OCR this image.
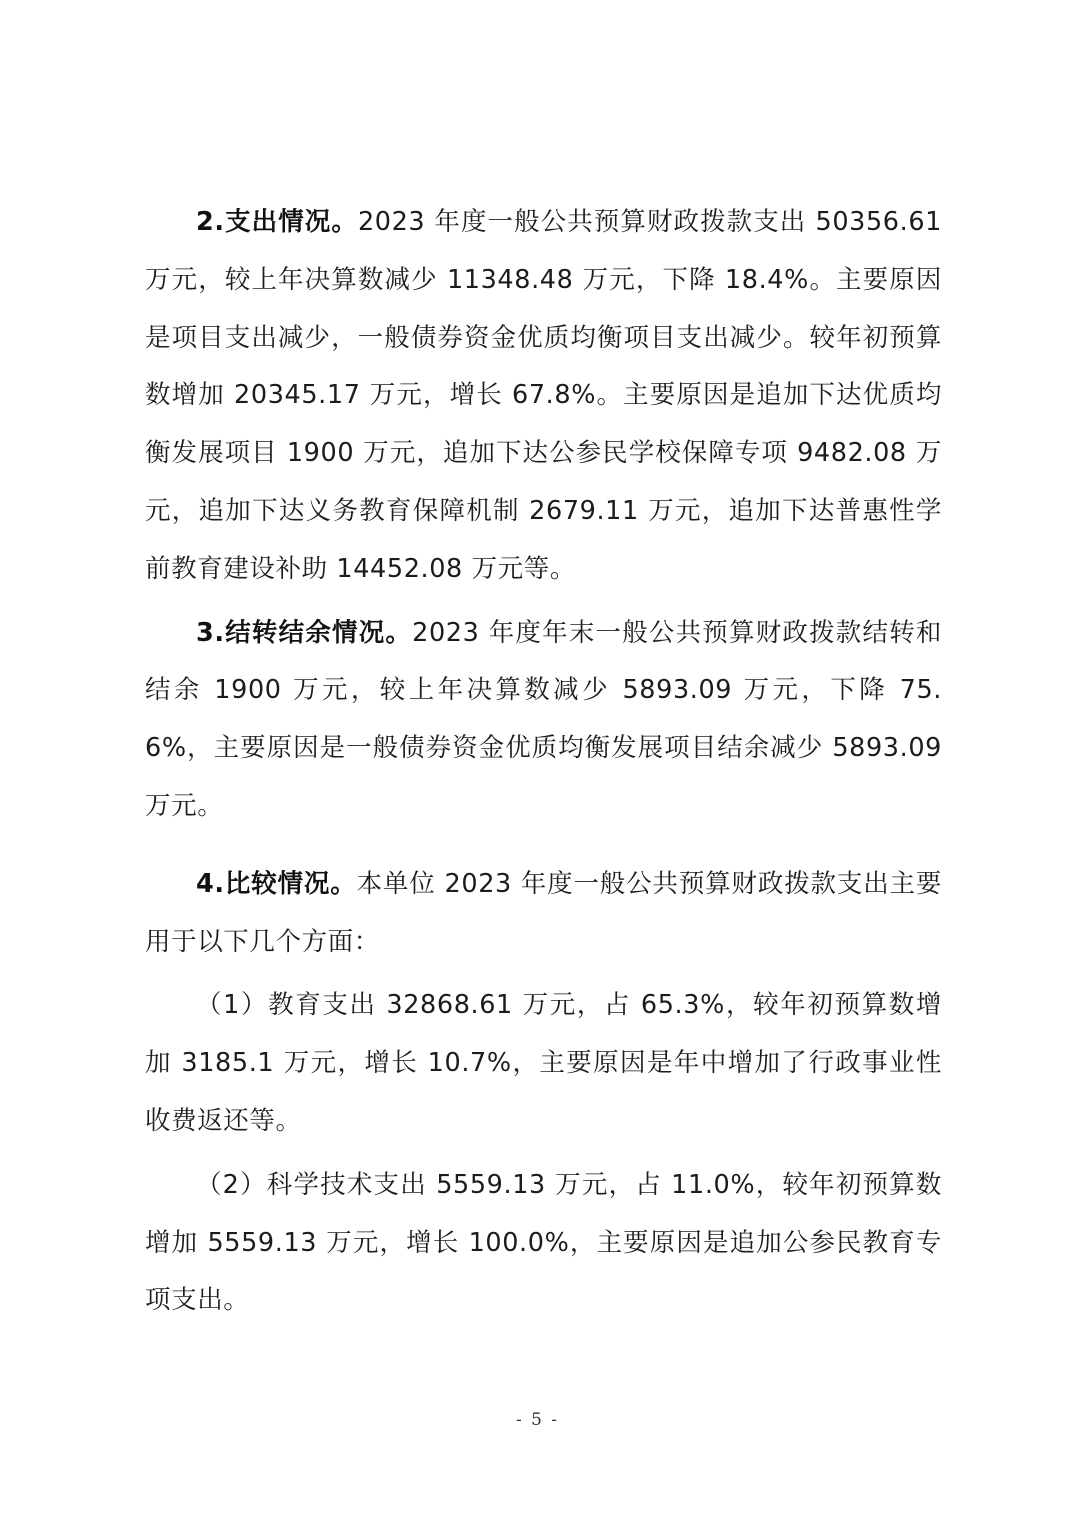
2.支出情况。2023 年度一般公共预算财政拨款支出 50356.61 万元，较上年决算数减少 11348.48 万元，下降 18.4%。主要原因是项目支出减少，一般债券资金优质均衡项目支出减少。较年初预算数增加 20345.17 万元，增长 67.8%。主要原因是追加下达优质均衡发展项目 1900 万元，追加下达公参民学校保障专项 9482.08 万元，追加下达义务教育保障机制 2679.11 万元，追加下达普惠性学前教育建设补助 14452.08 万元等。

3.结转结余情况。2023 年度年末一般公共预算财政拨款结转和结余 1900 万元，较上年决算数减少 5893.09 万元，下降 75.6%，主要原因是一般债券资金优质均衡发展项目结余减少 5893.09 万元。

4.比较情况。本单位 2023 年度一般公共预算财政拨款支出主要用于以下几个方面：

（1）教育支出 32868.61 万元，占 65.3%，较年初预算数增加 3185.1 万元，增长 10.7%，主要原因是年中增加了行政事业性收费返还等。

（2）科学技术支出 5559.13 万元，占 11.0%，较年初预算数增加 5559.13 万元，增长 100.0%，主要原因是追加公参民教育专项支出。

- 5 -
